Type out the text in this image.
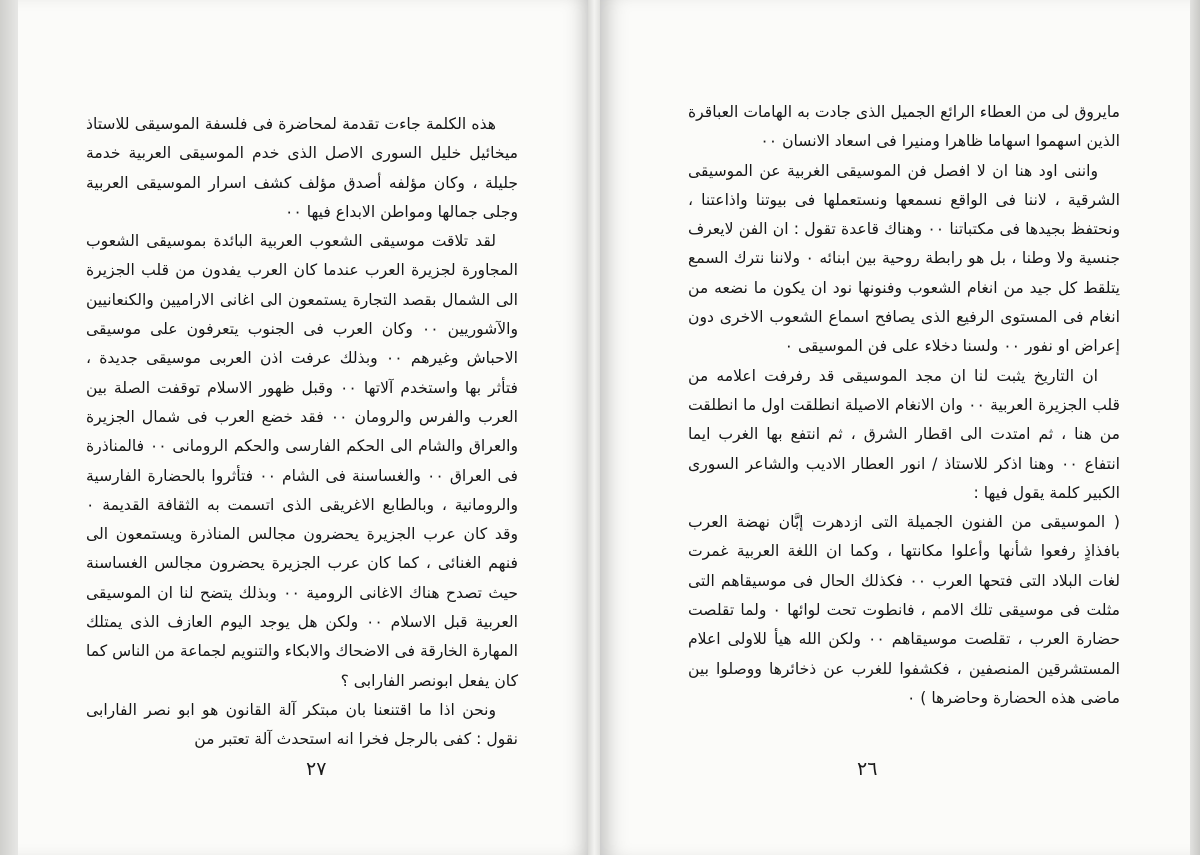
هذه الكلمة جاءت تقدمة لمحاضرة فى فلسفة الموسيقى للاستاذ ميخائيل خليل السورى الاصل الذى خدم الموسيقى العربية خدمة جليلة ، وكان مؤلفه أصدق مؤلف كشف اسرار الموسيقى العربية وجلى جمالها ومواطن الابداع فيها ٠٠

لقد تلاقت موسيقى الشعوب العربية البائدة بموسيقى الشعوب المجاورة لجزيرة العرب عندما كان العرب يفدون من قلب الجزيرة الى الشمال بقصد التجارة يستمعون الى اغانى الاراميين والكنعانيين والآشوريين ٠٠ وكان العرب فى الجنوب يتعرفون على موسيقى الاحباش وغيرهم ٠٠ وبذلك عرفت اذن العربى موسيقى جديدة ، فتأثر بها واستخدم آلاتها ٠٠ وقبل ظهور الاسلام توقفت الصلة بين العرب والفرس والرومان ٠٠ فقد خضع العرب فى شمال الجزيرة والعراق والشام الى الحكم الفارسى والحكم الرومانى ٠٠ فالمناذرة فى العراق ٠٠ والغساسنة فى الشام ٠٠ فتأثروا بالحضارة الفارسية والرومانية ، وبالطابع الاغريقى الذى اتسمت به الثقافة القديمة ٠ وقد كان عرب الجزيرة يحضرون مجالس المناذرة ويستمعون الى فنهم الغنائى ، كما كان عرب الجزيرة يحضرون مجالس الغساسنة حيث تصدح هناك الاغانى الرومية ٠٠ وبذلك يتضح لنا ان الموسيقى العربية قبل الاسلام ٠٠ ولكن هل يوجد اليوم العازف الذى يمتلك المهارة الخارقة فى الاضحاك والابكاء والتنويم لجماعة من الناس كما كان يفعل ابونصر الفارابى ؟

ونحن اذا ما اقتنعنا بان مبتكر آلة القانون هو ابو نصر الفارابى نقول : كفى بالرجل فخرا انه استحدث آلة تعتبر من

مايروق لى من العطاء الرائع الجميل الذى جادت به الهامات العباقرة الذين اسهموا اسهاما ظاهرا ومنيرا فى اسعاد الانسان ٠٠

واننى اود هنا ان لا افصل فن الموسيقى الغربية عن الموسيقى الشرقية ، لاننا فى الواقع نسمعها ونستعملها فى بيوتنا واذاعتنا ، ونحتفظ بجيدها فى مكتباتنا ٠٠ وهناك قاعدة تقول : ان الفن لايعرف جنسية ولا وطنا ، بل هو رابطة روحية بين ابنائه ٠ ولاننا نترك السمع يتلقط كل جيد من انغام الشعوب وفنونها نود ان يكون ما نضعه من انغام فى المستوى الرفيع الذى يصافح اسماع الشعوب الاخرى دون إعراض او نفور ٠٠ ولسنا دخلاء على فن الموسيقى ٠

ان التاريخ يثبت لنا ان مجد الموسيقى قد رفرفت اعلامه من قلب الجزيرة العربية ٠٠ وان الانغام الاصيلة انطلقت اول ما انطلقت من هنا ، ثم امتدت الى اقطار الشرق ، ثم انتفع بها الغرب ايما انتفاع ٠٠ وهنا اذكر للاستاذ / انور العطار الاديب والشاعر السورى الكبير كلمة يقول فيها :

( الموسيقى من الفنون الجميلة التى ازدهرت إبَّان نهضة العرب بافذاذٍ رفعوا شأنها وأعلوا مكانتها ، وكما ان اللغة العربية غمرت لغات البلاد التى فتحها العرب ٠٠ فكذلك الحال فى موسيقاهم التى مثلت فى موسيقى تلك الامم ، فانطوت تحت لوائها ٠ ولما تقلصت حضارة العرب ، تقلصت موسيقاهم ٠٠ ولكن الله هيأ للاولى اعلام المستشرقين المنصفين ، فكشفوا للغرب عن ذخائرها ووصلوا بين ماضى هذه الحضارة وحاضرها ) ٠

٢٧	٢٦
